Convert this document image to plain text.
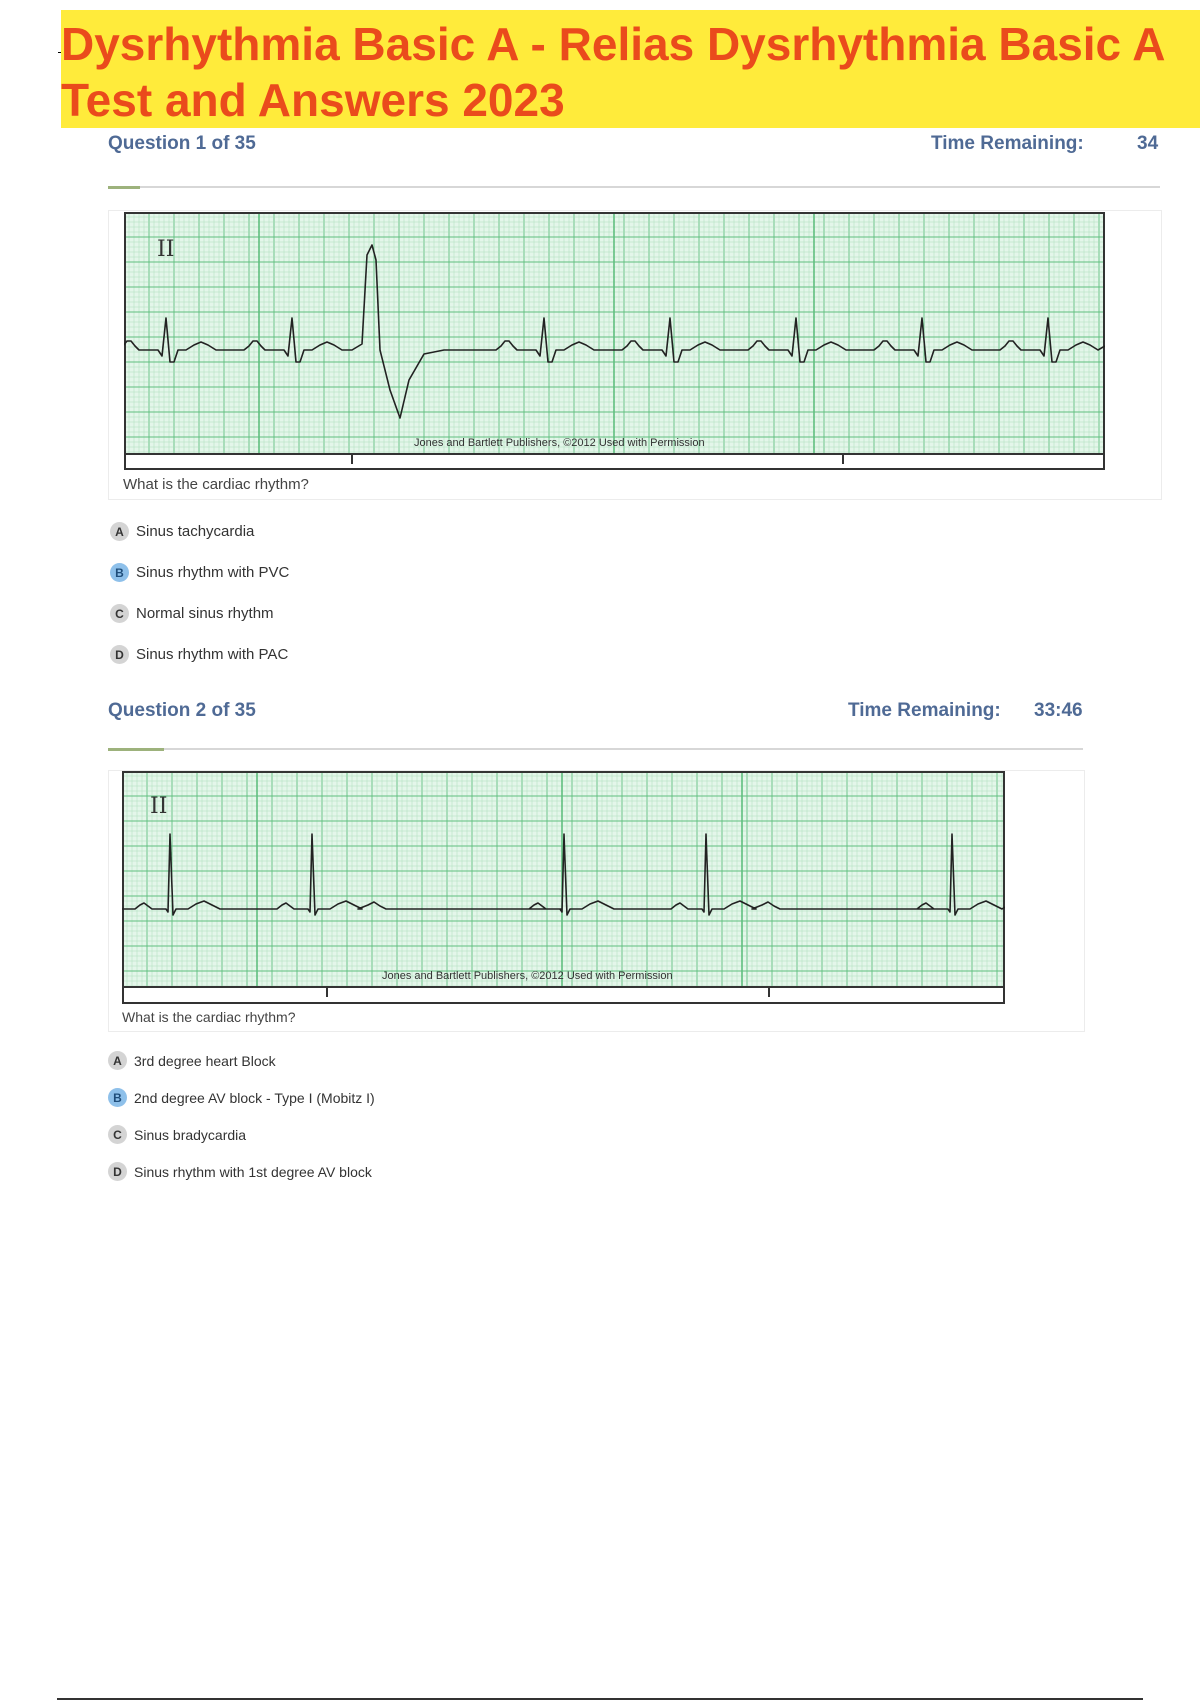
Dysrhythmia Basic A - Relias Dysrhythmia Basic A
Test and Answers 2023
Question 1 of 35	Time Remaining:	34
II
Jones and Bartlett Publishers, ©2012 Used with Permission
What is the cardiac rhythm?
A Sinus tachycardia
B Sinus rhythm with PVC
C Normal sinus rhythm
D Sinus rhythm with PAC
Question 2 of 35	Time Remaining: 33:46
II
Jones and Bartlett Publishers, ©2012 Used with Permission
What is the cardiac rhythm?
A 3rd degree heart Block
B 2nd degree AV block - Type I (Mobitz I)
C Sinus bradycardia
D Sinus rhythm with 1st degree AV block
